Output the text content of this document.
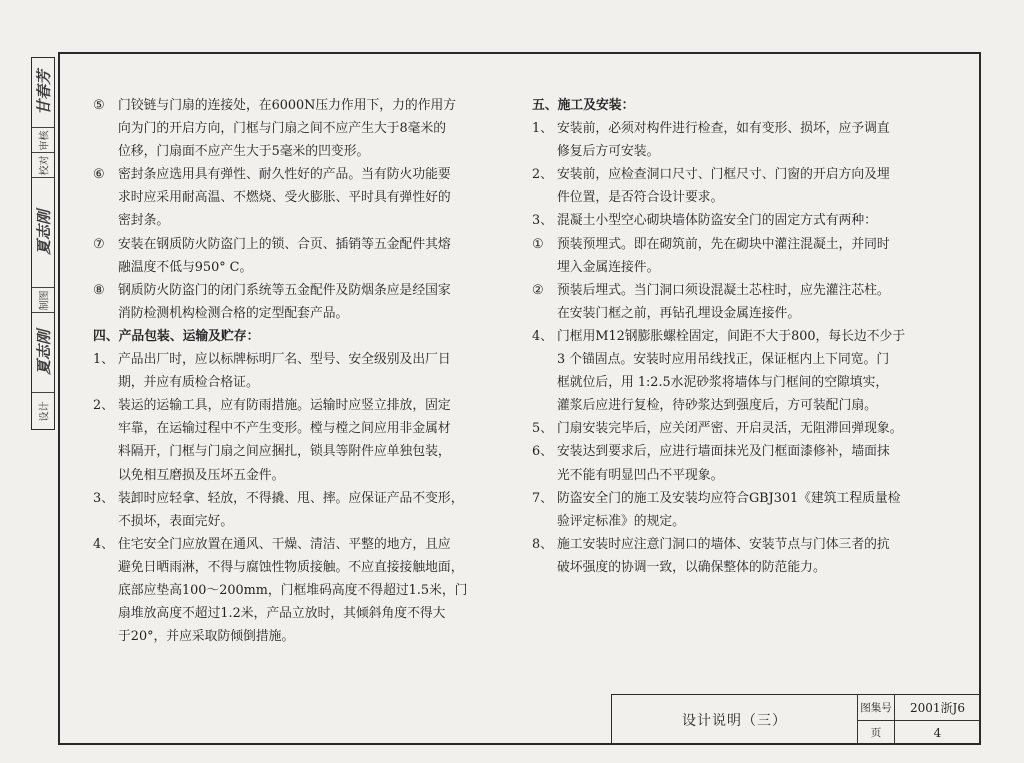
甘春芳
审核
校对
夏志刚
制图
夏志刚
设计
⑤ 门铰链与门扇的连接处，在6000N压力作用下，力的作用方
向为门的开启方向，门框与门扇之间不应产生大于8毫米的
位移，门扇面不应产生大于5毫米的凹变形。
⑥ 密封条应选用具有弹性、耐久性好的产品。当有防火功能要
求时应采用耐高温、不燃烧、受火膨胀、平时具有弹性好的
密封条。
⑦ 安装在钢质防火防盗门上的锁、合页、插销等五金配件其熔
融温度不低与950° C。
⑧ 钢质防火防盗门的闭门系统等五金配件及防烟条应是经国家
消防检测机构检测合格的定型配套产品。
四、产品包装、运输及贮存：
1、 产品出厂时，应以标牌标明厂名、型号、安全级别及出厂日
期，并应有质检合格证。
2、 装运的运输工具，应有防雨措施。运输时应竖立排放，固定
牢靠，在运输过程中不产生变形。樘与樘之间应用非金属材
料隔开，门框与门扇之间应捆扎，锁具等附件应单独包装，
以免相互磨损及压坏五金件。
3、 装卸时应轻拿、轻放，不得撬、甩、摔。应保证产品不变形，
不损坏，表面完好。
4、 住宅安全门应放置在通风、干燥、清洁、平整的地方，且应
避免日晒雨淋，不得与腐蚀性物质接触。不应直接接触地面，
底部应垫高100～200mm，门框堆码高度不得超过1.5米，门
扇堆放高度不超过1.2米，产品立放时，其倾斜角度不得大
于20°，并应采取防倾倒措施。
五、施工及安装：
1、 安装前，必须对构件进行检查，如有变形、损坏，应予调直
修复后方可安装。
2、 安装前，应检查洞口尺寸、门框尺寸、门窗的开启方向及埋
件位置，是否符合设计要求。
3、 混凝土小型空心砌块墙体防盗安全门的固定方式有两种：
① 预装预埋式。即在砌筑前，先在砌块中灌注混凝土，并同时
埋入金属连接件。
② 预装后埋式。当门洞口须设混凝土芯柱时，应先灌注芯柱。
在安装门框之前，再钻孔埋设金属连接件。
4、 门框用M12钢膨胀螺栓固定，间距不大于800，每长边不少于
3 个锚固点。安装时应用吊线找正，保证框内上下同宽。门
框就位后，用 1:2.5水泥砂浆将墙体与门框间的空隙填实，
灌浆后应进行复检，待砂浆达到强度后，方可装配门扇。
5、 门扇安装完毕后，应关闭严密、开启灵活，无阻滞回弹现象。
6、 安装达到要求后，应进行墙面抹光及门框面漆修补，墙面抹
光不能有明显凹凸不平现象。
7、 防盗安全门的施工及安装均应符合GBJ301《建筑工程质量检
验评定标准》的规定。
8、 施工安装时应注意门洞口的墙体、安装节点与门体三者的抗
破坏强度的协调一致，以确保整体的防范能力。
设计说明（三）
图集号	2001浙J6
页	4
